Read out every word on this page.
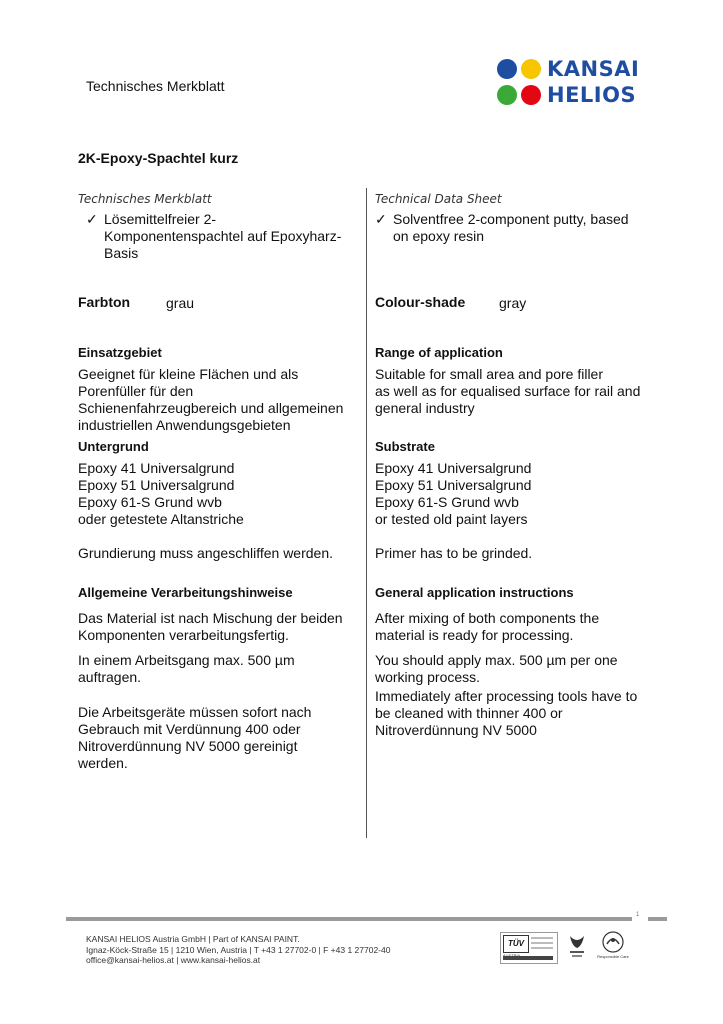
Technisches Merkblatt
KANSAI
HELIOS
2K-Epoxy-Spachtel kurz
Technisches Merkblatt
✓ Lösemittelfreier 2-
Komponentenspachtel auf Epoxyharz-
Basis
Farbton	grau
Einsatzgebiet
Geeignet für kleine Flächen und als
Porenfüller für den
Schienenfahrzeugbereich und allgemeinen
industriellen Anwendungsgebieten
Untergrund
Epoxy 41 Universalgrund
Epoxy 51 Universalgrund
Epoxy 61-S Grund wvb
oder getestete Altanstriche
Grundierung muss angeschliffen werden.
Allgemeine Verarbeitungshinweise
Das Material ist nach Mischung der beiden
Komponenten verarbeitungsfertig.
In einem Arbeitsgang max. 500 µm
auftragen.
Die Arbeitsgeräte müssen sofort nach
Gebrauch mit Verdünnung 400 oder
Nitroverdünnung NV 5000 gereinigt
werden.
Technical Data Sheet
✓ Solventfree 2-component putty, based
on epoxy resin
Colour-shade gray
Range of application
Suitable for small area and pore filler
as well as for equalised surface for rail and
general industry
Substrate
Epoxy 41 Universalgrund
Epoxy 51 Universalgrund
Epoxy 61-S Grund wvb
or tested old paint layers
Primer has to be grinded.
General application instructions
After mixing of both components the
material is ready for processing.
You should apply max. 500 µm per one
working process.
Immediately after processing tools have to
be cleaned with thinner 400 or
Nitroverdünnung NV 5000
1
KANSAI HELIOS Austria GmbH | Part of KANSAI PAINT.
Ignaz-Köck-Straße 15 | 1210 Wien, Austria | T +43 1 27702-0 | F +43 1 27702-40
office@kansai-helios.at | www.kansai-helios.at
TÜV
Responsible Care
